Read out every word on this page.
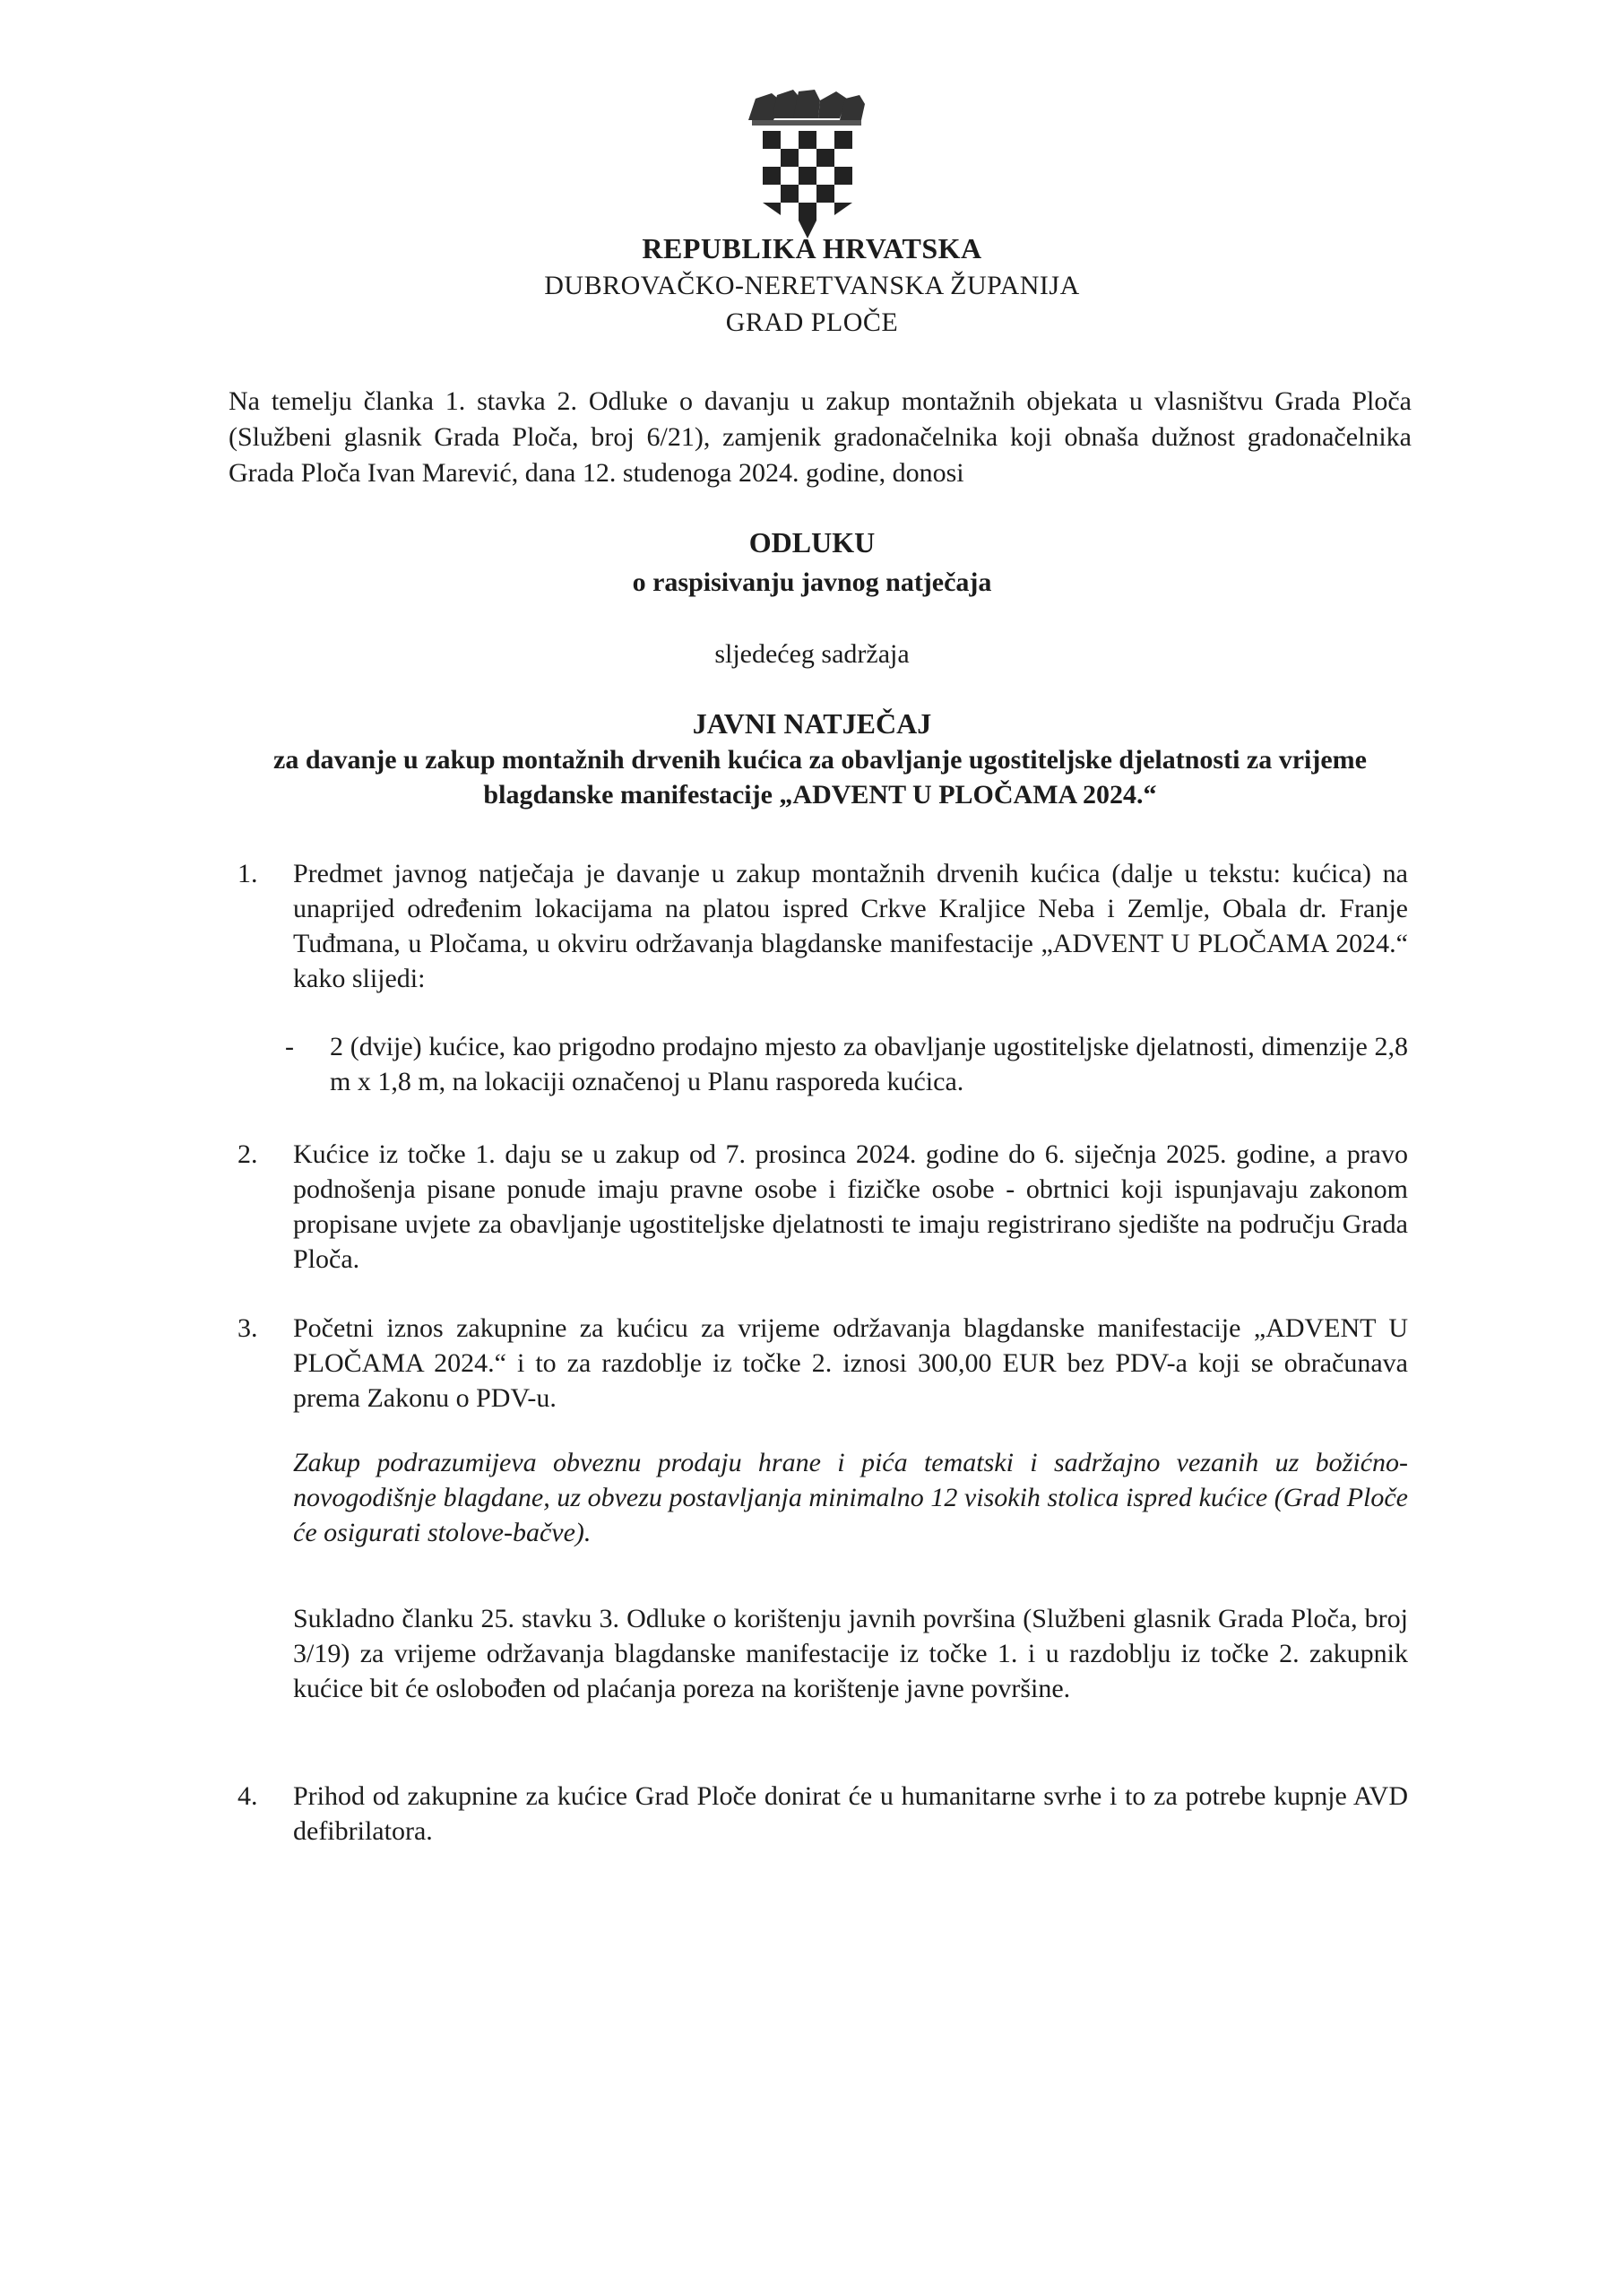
REPUBLIKA HRVATSKA
DUBROVAČKO-NERETVANSKA ŽUPANIJA
GRAD PLOČE
Na temelju članka 1. stavka 2. Odluke o davanju u zakup montažnih objekata u vlasništvu Grada Ploča (Službeni glasnik Grada Ploča, broj 6/21), zamjenik gradonačelnika koji obnaša dužnost gradonačelnika Grada Ploča Ivan Marević, dana 12. studenoga 2024. godine, donosi
ODLUKU
o raspisivanju javnog natječaja
sljedećeg sadržaja
JAVNI NATJEČAJ
za davanje u zakup montažnih drvenih kućica za obavljanje ugostiteljske djelatnosti za vrijeme blagdanske manifestacije „ADVENT U PLOČAMA 2024.“
1.	Predmet javnog natječaja je davanje u zakup montažnih drvenih kućica (dalje u tekstu: kućica) na unaprijed određenim lokacijama na platou ispred Crkve Kraljice Neba i Zemlje, Obala dr. Franje Tuđmana, u Pločama, u okviru održavanja blagdanske manifestacije „ADVENT U PLOČAMA 2024.“ kako slijedi:
-	2 (dvije) kućice, kao prigodno prodajno mjesto za obavljanje ugostiteljske djelatnosti, dimenzije 2,8 m x 1,8 m, na lokaciji označenoj u Planu rasporeda kućica.
2.	Kućice iz točke 1. daju se u zakup od 7. prosinca 2024. godine do 6. siječnja 2025. godine, a pravo podnošenja pisane ponude imaju pravne osobe i fizičke osobe - obrtnici koji ispunjavaju zakonom propisane uvjete za obavljanje ugostiteljske djelatnosti te imaju registrirano sjedište na području Grada Ploča.
3.	Početni iznos zakupnine za kućicu za vrijeme održavanja blagdanske manifestacije „ADVENT U PLOČAMA 2024.“ i to za razdoblje iz točke 2. iznosi 300,00 EUR bez PDV-a koji se obračunava prema Zakonu o PDV-u.
Zakup podrazumijeva obveznu prodaju hrane i pića tematski i sadržajno vezanih uz božićno-novogodišnje blagdane, uz obvezu postavljanja minimalno 12 visokih stolica ispred kućice (Grad Ploče će osigurati stolove-bačve).
Sukladno članku 25. stavku 3. Odluke o korištenju javnih površina (Službeni glasnik Grada Ploča, broj 3/19) za vrijeme održavanja blagdanske manifestacije iz točke 1. i u razdoblju iz točke 2. zakupnik kućice bit će oslobođen od plaćanja poreza na korištenje javne površine.
4.	Prihod od zakupnine za kućice Grad Ploče donirat će u humanitarne svrhe i to za potrebe kupnje AVD defibrilatora.
